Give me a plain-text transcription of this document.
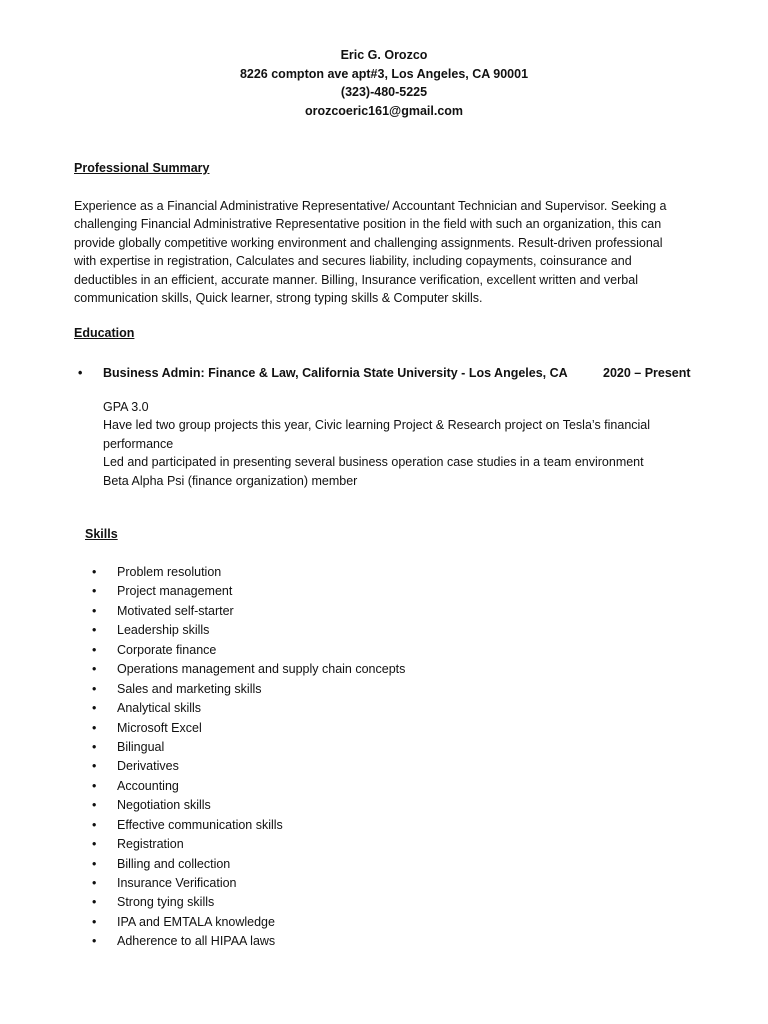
Eric G. Orozco
8226 compton ave apt#3, Los Angeles, CA 90001
(323)-480-5225
orozcoeric161@gmail.com
Professional Summary
Experience as a Financial Administrative Representative/ Accountant Technician and Supervisor. Seeking a
challenging Financial Administrative Representative position in the field with such an organization, this can
provide globally competitive working environment and challenging assignments. Result-driven professional
with expertise in registration, Calculates and secures liability, including copayments, coinsurance and
deductibles in an efficient, accurate manner. Billing, Insurance verification, excellent written and verbal
communication skills, Quick learner, strong typing skills & Computer skills.
Education
• Business Admin: Finance & Law, California State University - Los Angeles, CA	2020 – Present
GPA 3.0
Have led two group projects this year, Civic learning Project & Research project on Tesla’s financial
performance
Led and participated in presenting several business operation case studies in a team environment
Beta Alpha Psi (finance organization) member
Skills
• Problem resolution
• Project management
• Motivated self-starter
• Leadership skills
• Corporate finance
• Operations management and supply chain concepts
• Sales and marketing skills
• Analytical skills
• Microsoft Excel
• Bilingual
• Derivatives
• Accounting
• Negotiation skills
• Effective communication skills
• Registration
• Billing and collection
• Insurance Verification
• Strong tying skills
• IPA and EMTALA knowledge
• Adherence to all HIPAA laws
